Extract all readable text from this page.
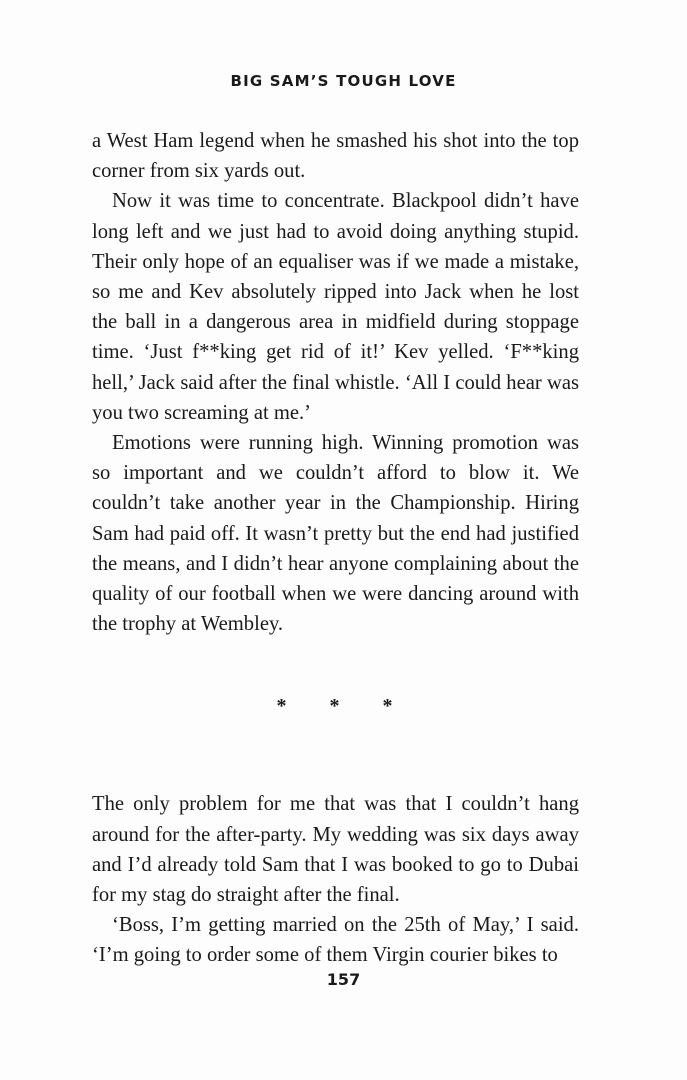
BIG SAM’S TOUGH LOVE

a West Ham legend when he smashed his shot into the top corner from six yards out.

Now it was time to concentrate. Blackpool didn’t have long left and we just had to avoid doing anything stupid. Their only hope of an equaliser was if we made a mistake, so me and Kev absolutely ripped into Jack when he lost the ball in a dangerous area in midfield during stoppage time. ‘Just f**king get rid of it!’ Kev yelled. ‘F**king hell,’ Jack said after the final whistle. ‘All I could hear was you two screaming at me.’

Emotions were running high. Winning promotion was so important and we couldn’t afford to blow it. We couldn’t take another year in the Championship. Hiring Sam had paid off. It wasn’t pretty but the end had justified the means, and I didn’t hear anyone complaining about the quality of our football when we were dancing around with the trophy at Wembley.

* * *

The only problem for me that was that I couldn’t hang around for the after-party. My wedding was six days away and I’d already told Sam that I was booked to go to Dubai for my stag do straight after the final.

‘Boss, I’m getting married on the 25th of May,’ I said. ‘I’m going to order some of them Virgin courier bikes to

157
